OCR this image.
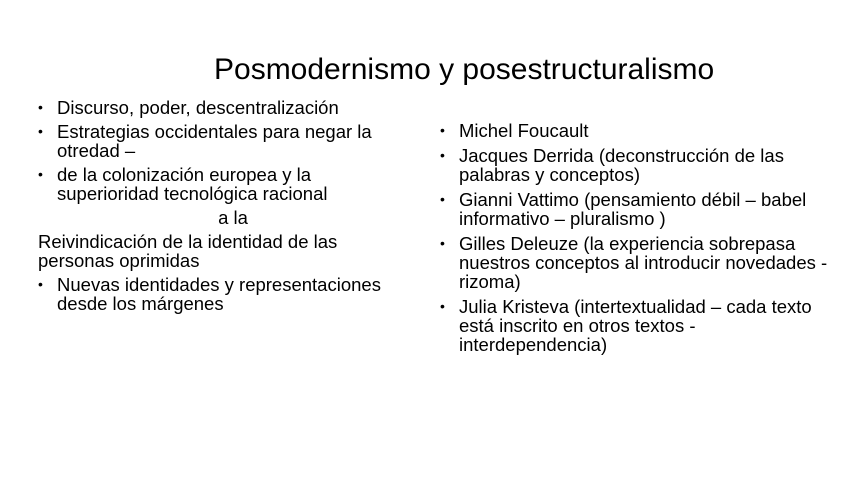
Posmodernismo y posestructuralismo
• Discurso, poder, descentralización
• Estrategias occidentales para negar la otredad –
• de la colonización europea y la superioridad tecnológica racional
a la
Reivindicación de la identidad de las personas oprimidas
• Nuevas identidades y representaciones desde los márgenes
• Michel Foucault
• Jacques Derrida (deconstrucción de las palabras y conceptos)
• Gianni Vattimo (pensamiento débil – babel informativo – pluralismo )
• Gilles Deleuze (la experiencia sobrepasa nuestros conceptos al introducir novedades - rizoma)
• Julia Kristeva (intertextualidad – cada texto está inscrito en otros textos - interdependencia)
